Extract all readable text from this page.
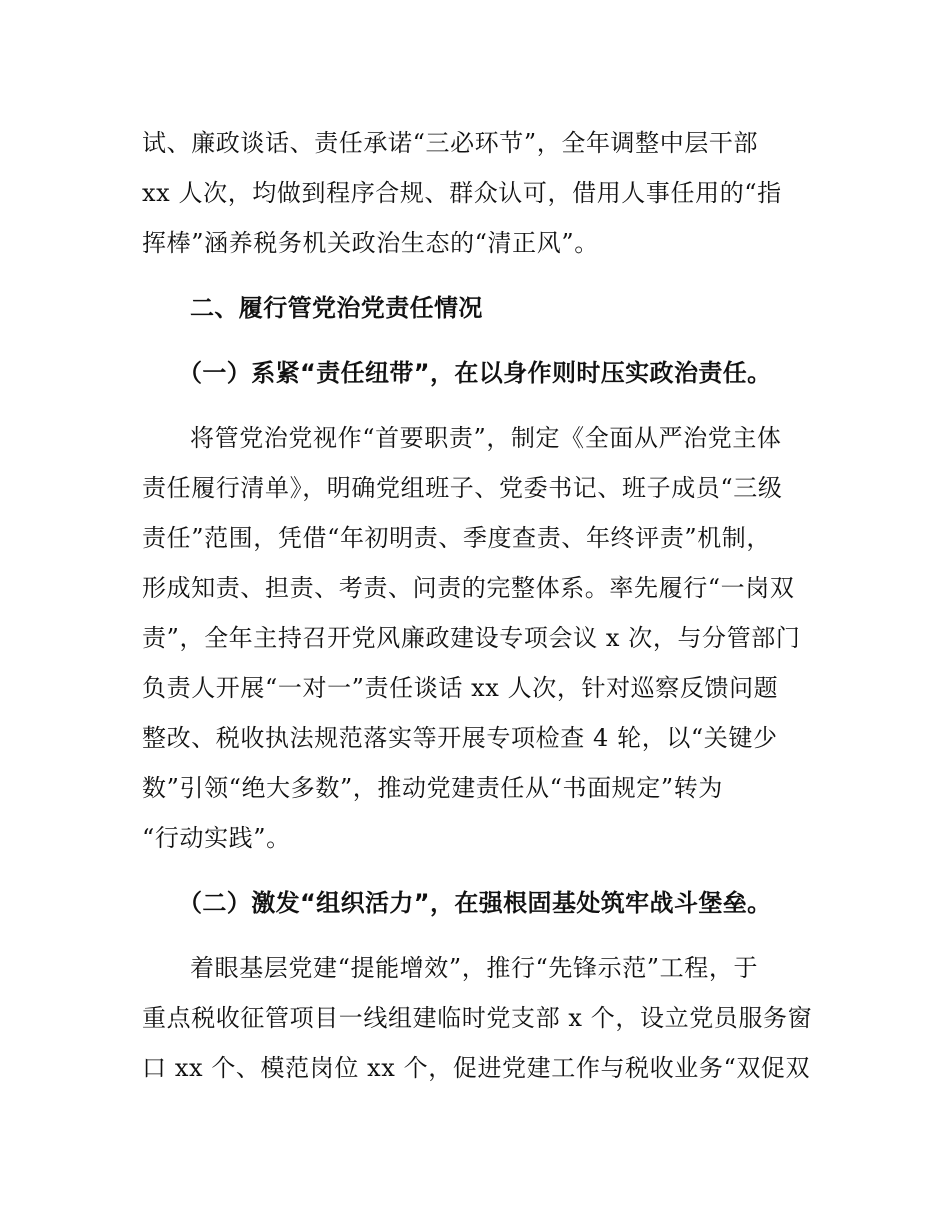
试、廉政谈话、责任承诺“三必环节”，全年调整中层干部
xx 人次，均做到程序合规、群众认可，借用人事任用的“指
挥棒”涵养税务机关政治生态的“清正风”。
二、履行管党治党责任情况
（一）系紧“责任纽带”，在以身作则时压实政治责任。
将管党治党视作“首要职责”，制定《全面从严治党主体
责任履行清单》，明确党组班子、党委书记、班子成员“三级
责任”范围，凭借“年初明责、季度查责、年终评责”机制，
形成知责、担责、考责、问责的完整体系。率先履行“一岗双
责”，全年主持召开党风廉政建设专项会议 x 次，与分管部门
负责人开展“一对一”责任谈话 xx 人次，针对巡察反馈问题
整改、税收执法规范落实等开展专项检查 4 轮，以“关键少
数”引领“绝大多数”，推动党建责任从“书面规定”转为
“行动实践”。
（二）激发“组织活力”，在强根固基处筑牢战斗堡垒。
着眼基层党建“提能增效”，推行“先锋示范”工程，于
重点税收征管项目一线组建临时党支部 x 个，设立党员服务窗
口 xx 个、模范岗位 xx 个，促进党建工作与税收业务“双促双
